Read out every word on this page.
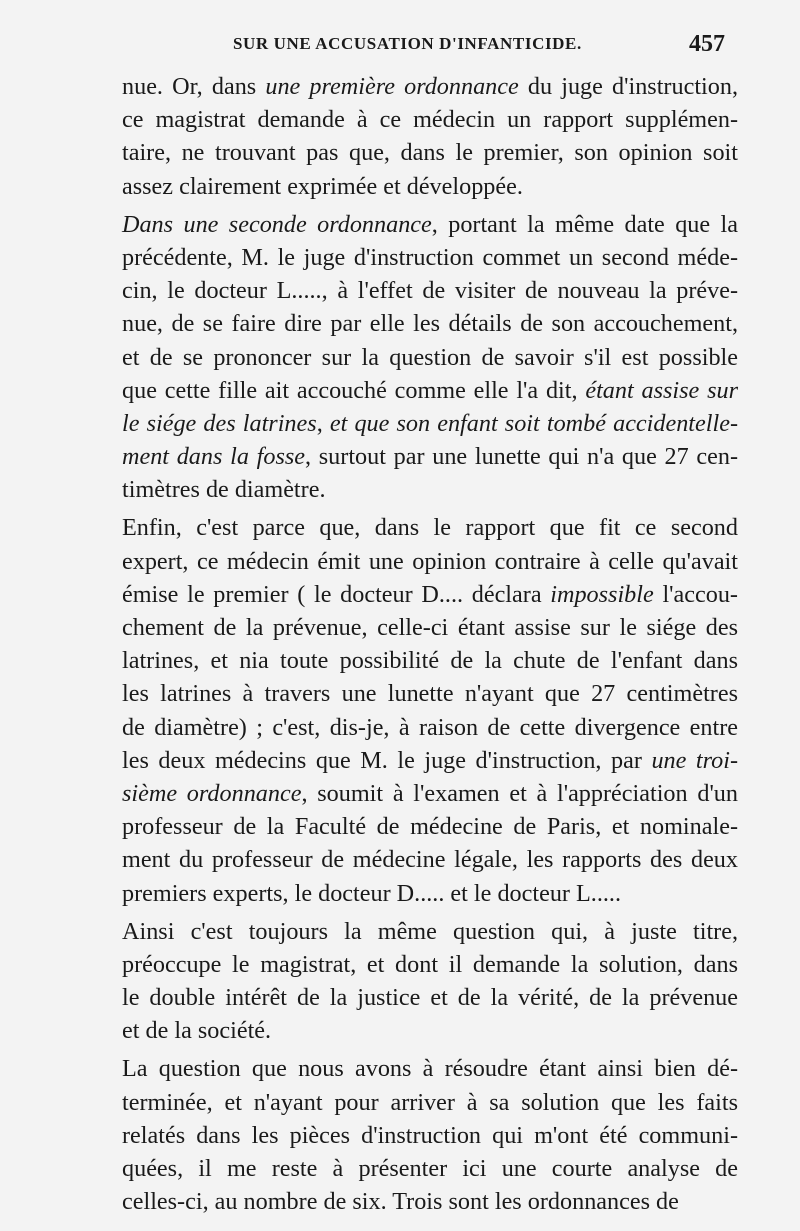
SUR UNE ACCUSATION D'INFANTICIDE.	457
nue. Or, dans une première ordonnance du juge d'instruction,
ce magistrat demande à ce médecin un rapport supplémen-
taire, ne trouvant pas que, dans le premier, son opinion soit
assez clairement exprimée et développée.
Dans une seconde ordonnance, portant la même date que la
précédente, M. le juge d'instruction commet un second méde-
cin, le docteur L....., à l'effet de visiter de nouveau la préve-
nue, de se faire dire par elle les détails de son accouchement,
et de se prononcer sur la question de savoir s'il est possible
que cette fille ait accouché comme elle l'a dit, étant assise sur
le siége des latrines, et que son enfant soit tombé accidentelle-
ment dans la fosse, surtout par une lunette qui n'a que 27 cen-
timètres de diamètre.
Enfin, c'est parce que, dans le rapport que fit ce second
expert, ce médecin émit une opinion contraire à celle qu'avait
émise le premier ( le docteur D.... déclara impossible l'accou-
chement de la prévenue, celle-ci étant assise sur le siége des
latrines, et nia toute possibilité de la chute de l'enfant dans
les latrines à travers une lunette n'ayant que 27 centimètres
de diamètre) ; c'est, dis-je, à raison de cette divergence entre
les deux médecins que M. le juge d'instruction, par une troi-
sième ordonnance, soumit à l'examen et à l'appréciation d'un
professeur de la Faculté de médecine de Paris, et nominale-
ment du professeur de médecine légale, les rapports des deux
premiers experts, le docteur D..... et le docteur L.....
Ainsi c'est toujours la même question qui, à juste titre,
préoccupe le magistrat, et dont il demande la solution, dans
le double intérêt de la justice et de la vérité, de la prévenue
et de la société.
La question que nous avons à résoudre étant ainsi bien dé-
terminée, et n'ayant pour arriver à sa solution que les faits
relatés dans les pièces d'instruction qui m'ont été communi-
quées, il me reste à présenter ici une courte analyse de
celles-ci, au nombre de six. Trois sont les ordonnances de
